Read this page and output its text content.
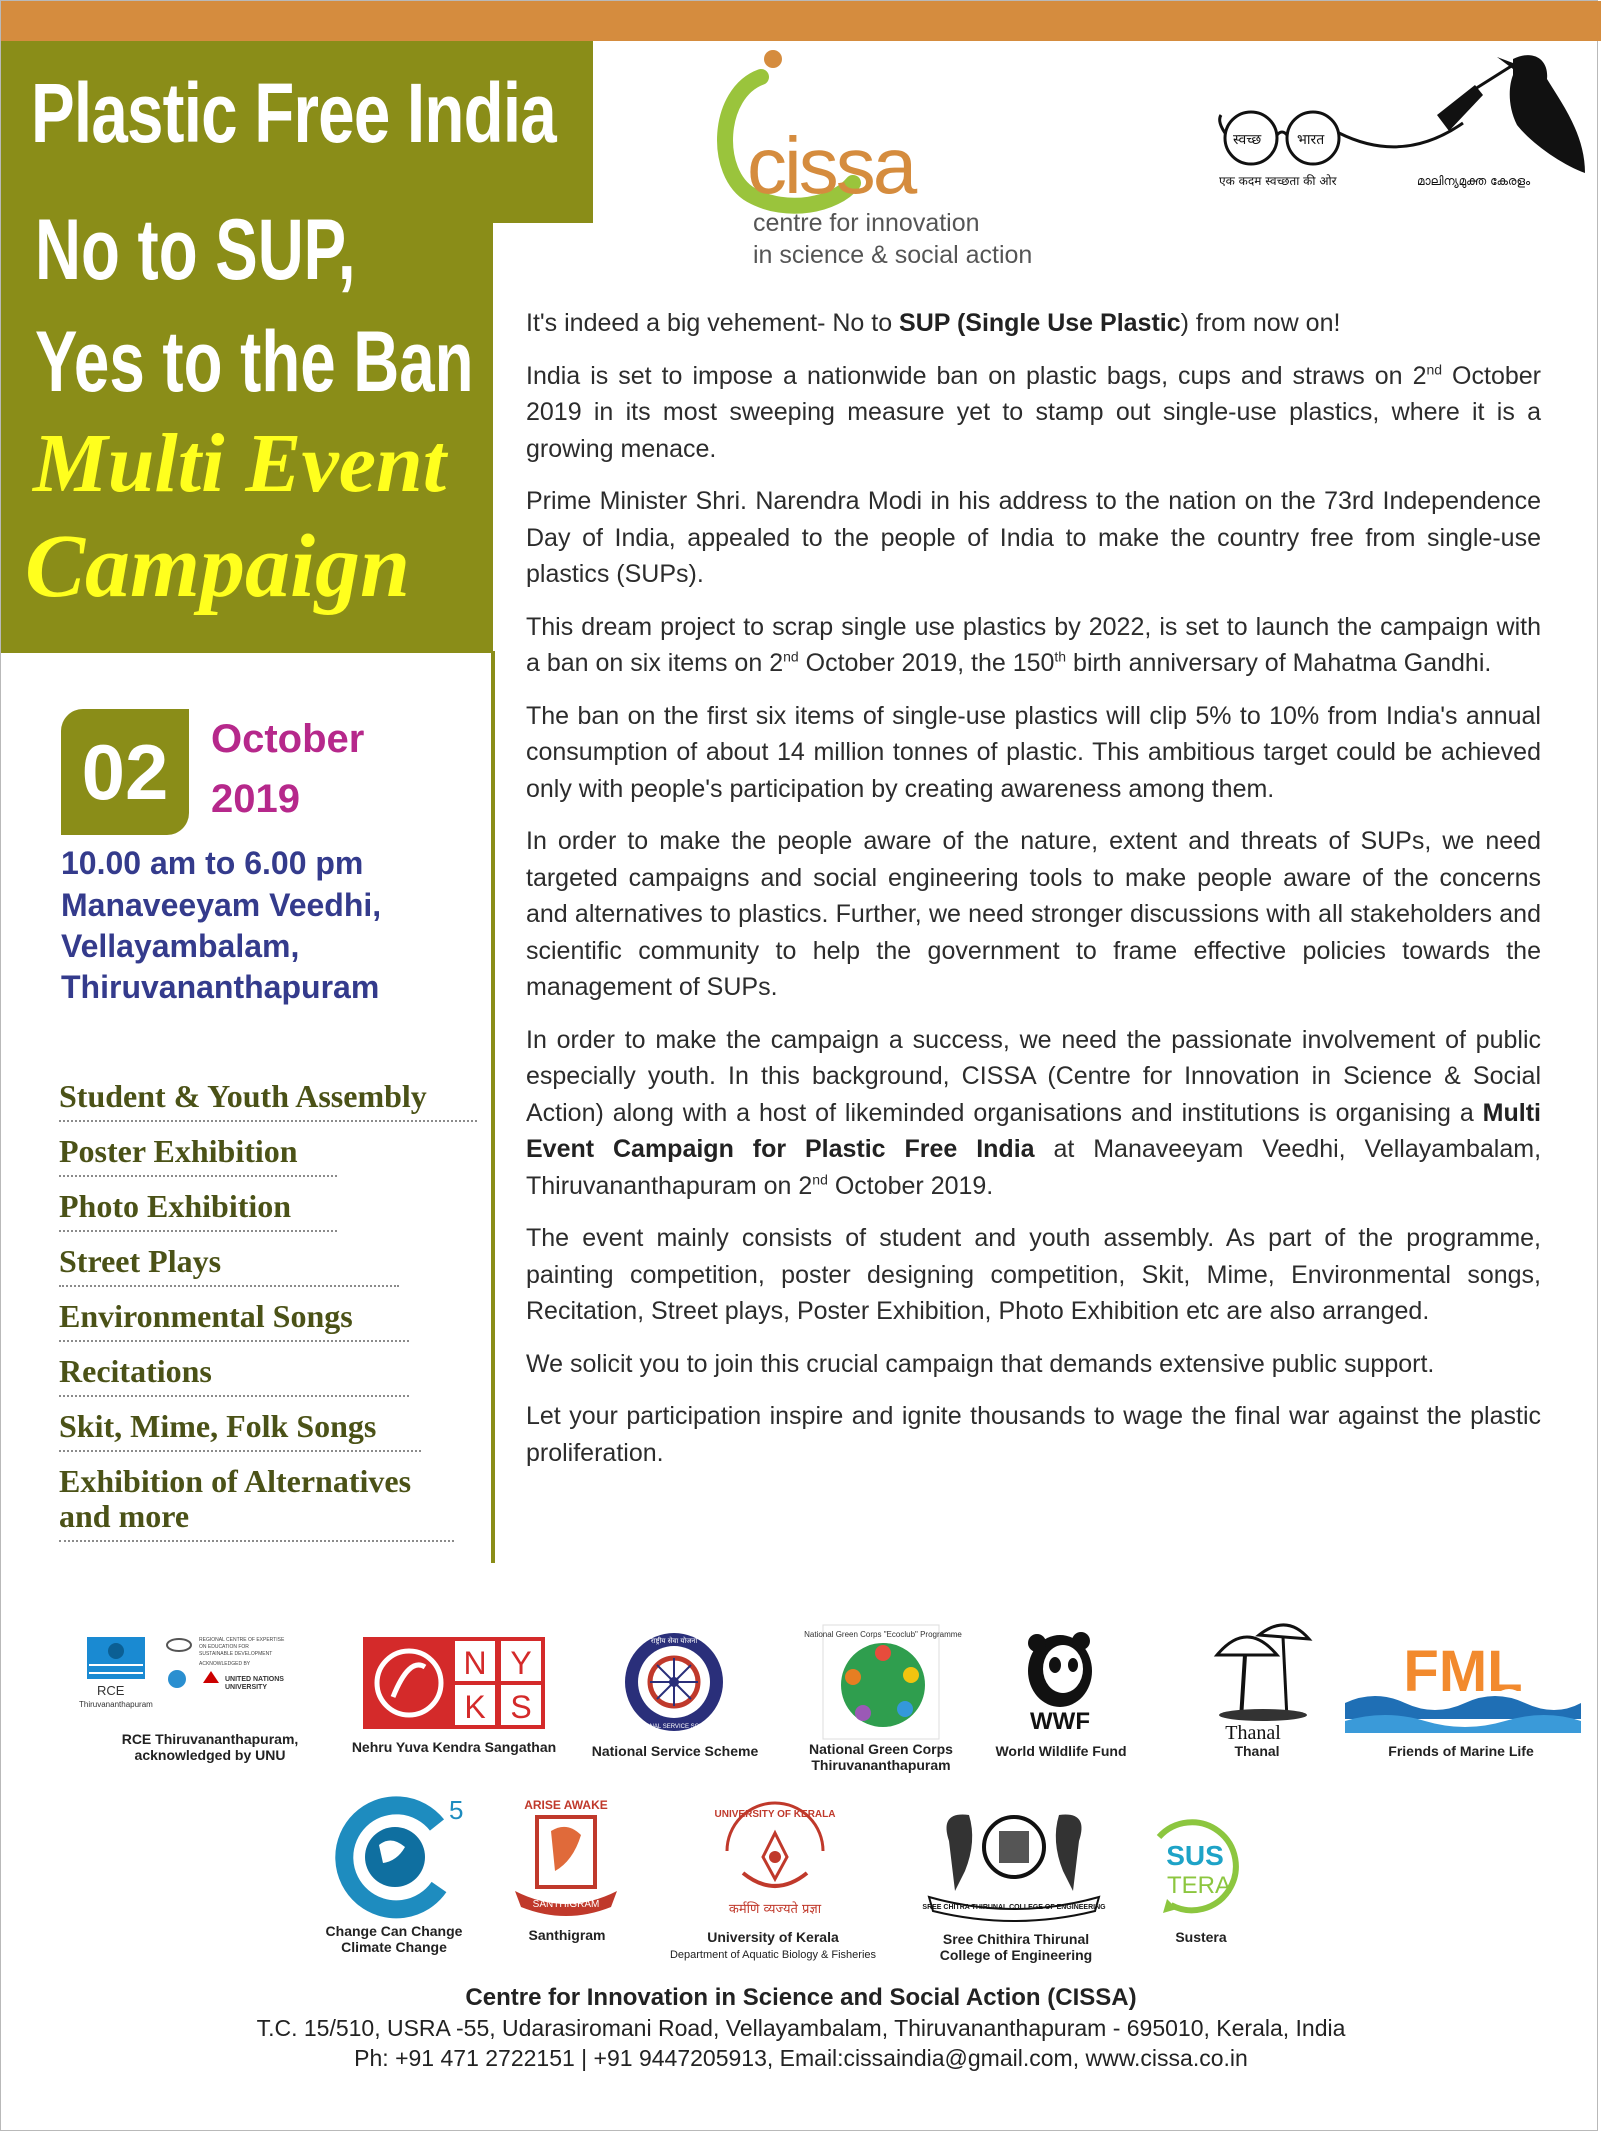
Plastic Free India
No to SUP,
Yes to the Ban
Multi Event
Campaign
02	October
2019
10.00 am to 6.00 pm
Manaveeyam Veedhi,
Vellayambalam,
Thiruvananthapuram
Student & Youth Assembly
Poster Exhibition
Photo Exhibition
Street Plays
Environmental Songs
Recitations
Skit, Mime, Folk Songs
Exhibition of Alternatives and more
cissa
centre for innovation
in science & social action
स्वच्छ	भारत
एक कदम स्वच्छता की ओर	മാലിന്യമുക്ത കേരളം

It's indeed a big vehement- No to SUP (Single Use Plastic) from now on!

India is set to impose a nationwide ban on plastic bags, cups and straws on 2nd October 2019 in its most sweeping measure yet to stamp out single-use plastics, where it is a growing menace.

Prime Minister Shri. Narendra Modi in his address to the nation on the 73rd Independence Day of India, appealed to the people of India to make the country free from single-use plastics (SUPs).

This dream project to scrap single use plastics by 2022, is set to launch the campaign with a ban on six items on 2nd October 2019, the 150th birth anniversary of Mahatma Gandhi.

The ban on the first six items of single-use plastics will clip 5% to 10% from India's annual consumption of about 14 million tonnes of plastic. This ambitious target could be achieved only with people's participation by creating awareness among them.

In order to make the people aware of the nature, extent and threats of SUPs, we need targeted campaigns and social engineering tools to make people aware of the concerns and alternatives to plastics. Further, we need stronger discussions with all stakeholders and scientific community to help the government to frame effective policies towards the management of SUPs.

In order to make the campaign a success, we need the passionate involvement of public especially youth. In this background, CISSA (Centre for Innovation in Science & Social Action) along with a host of likeminded organisations and institutions is organising a Multi Event Campaign for Plastic Free India at Manaveeyam Veedhi, Vellayambalam, Thiruvananthapuram on 2nd October 2019.

The event mainly consists of student and youth assembly. As part of the programme, painting competition, poster designing competition, Skit, Mime, Environmental songs, Recitation, Street plays, Poster Exhibition, Photo Exhibition etc are also arranged.

We solicit you to join this crucial campaign that demands extensive public support.

Let your participation inspire and ignite thousands to wage the final war against the plastic proliferation.

RCE
Thiruvananthapuram
REGIONAL CENTRE OF EXPERTISE
ON EDUCATION FOR
SUSTAINABLE DEVELOPMENT
ACKNOWLEDGED BY
UNITED NATIONS
UNIVERSITY
RCE Thiruvananthapuram,
acknowledged by UNU
N Y
K S
Nehru Yuva Kendra Sangathan
राष्ट्रीय सेवा योजना
NATIONAL SERVICE SCHEME
National Service Scheme
National Green Corps "Ecoclub" Programme
National Green Corps
Thiruvananthapuram
WWF
World Wildlife Fund
Thanal
Thanal
FML
Friends of Marine Life
5
Change Can Change
Climate Change
ARISE AWAKE
SANTHIGRAM
Santhigram
UNIVERSITY OF KERALA
कर्मणि व्यज्यते प्रज्ञा
University of Kerala
Department of Aquatic Biology & Fisheries
SREE CHITRA THIRUNAL COLLEGE OF ENGINEERING
Sree Chithira Thirunal
College of Engineering
SUS
TERA
Sustera
Centre for Innovation in Science and Social Action (CISSA)
T.C. 15/510, USRA -55, Udarasiromani Road, Vellayambalam, Thiruvananthapuram - 695010, Kerala, India
Ph: +91 471 2722151 | +91 9447205913, Email:cissaindia@gmail.com, www.cissa.co.in
